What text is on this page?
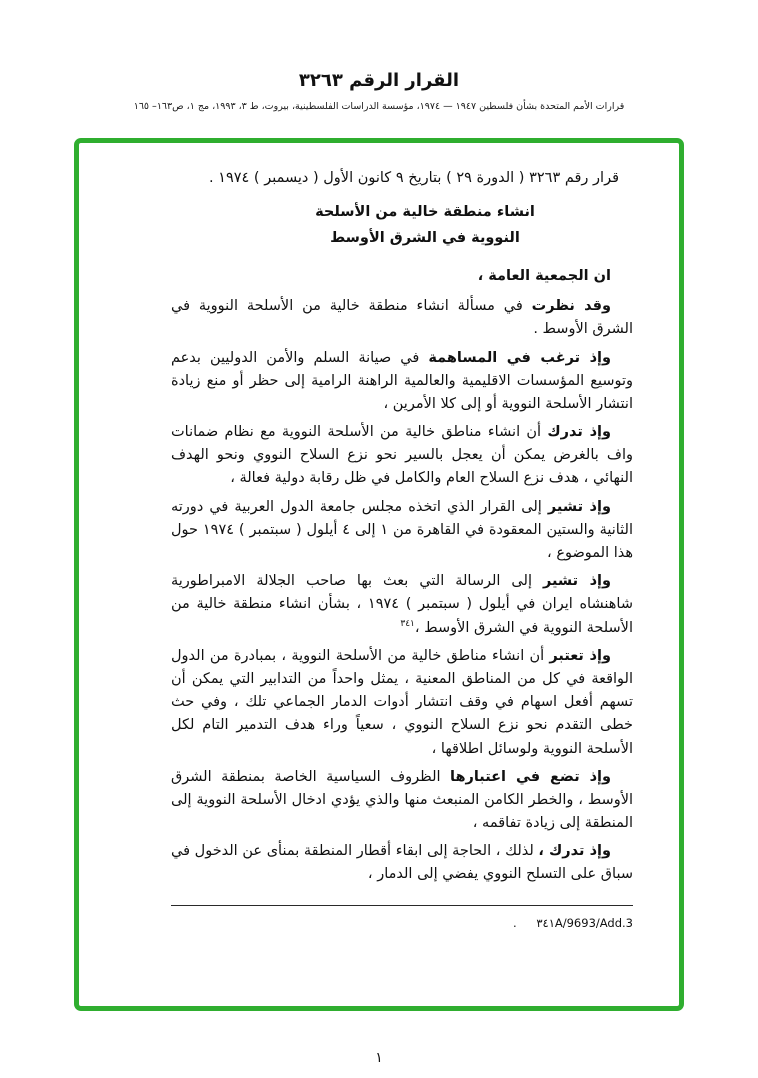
القرار الرقم ٣٢٦٣
قرارات الأمم المتحدة بشأن فلسطين ١٩٤٧ — ١٩٧٤، مؤسسة الدراسات الفلسطينية، بيروت، ط ٣، ١٩٩٣، مج ١، ص١٦٣– ١٦٥

قرار رقم ٣٢٦٣ ( الدورة ٢٩ ) بتاريخ ٩ كانون الأول ( ديسمبر ) ١٩٧٤ .

انشاء منطقة خالية من الأسلحة
النووية في الشرق الأوسط

ان الجمعية العامة ،

وقد نظرت في مسألة انشاء منطقة خالية من الأسلحة النووية في الشرق الأوسط .

وإذ ترغب في المساهمة في صيانة السلم والأمن الدوليين بدعم وتوسيع المؤسسات الاقليمية والعالمية الراهنة الرامية إلى حظر أو منع زيادة انتشار الأسلحة النووية أو إلى كلا الأمرين ،

وإذ تدرك أن انشاء مناطق خالية من الأسلحة النووية مع نظام ضمانات واف بالغرض يمكن أن يعجل بالسير نحو نزع السلاح النووي ونحو الهدف النهائي ، هدف نزع السلاح العام والكامل في ظل رقابة دولية فعالة ،

وإذ تشير إلى القرار الذي اتخذه مجلس جامعة الدول العربية في دورته الثانية والستين المعقودة في القاهرة من ١ إلى ٤ أيلول ( سبتمبر ) ١٩٧٤ حول هذا الموضوع ،

وإذ تشير إلى الرسالة التي بعث بها صاحب الجلالة الامبراطورية شاهنشاه ايران في أيلول ( سبتمبر ) ١٩٧٤ ، بشأن انشاء منطقة خالية من الأسلحة النووية في الشرق الأوسط ،$^{٣٤١}$

وإذ تعتبر أن انشاء مناطق خالية من الأسلحة النووية ، بمبادرة من الدول الواقعة في كل من المناطق المعنية ، يمثل واحداً من التدابير التي يمكن أن تسهم أفعل اسهام في وقف انتشار أدوات الدمار الجماعي تلك ، وفي حث خطى التقدم نحو نزع السلاح النووي ، سعياً وراء هدف التدمير التام لكل الأسلحة النووية ولوسائل اطلاقها ،

وإذ تضع في اعتبارها الظروف السياسية الخاصة بمنطقة الشرق الأوسط ، والخطر الكامن المنبعث منها والذي يؤدي ادخال الأسلحة النووية إلى المنطقة إلى زيادة تفاقمه ،

وإذ تدرك ، لذلك ، الحاجة إلى ابقاء أقطار المنطقة بمنأى عن الدخول في سباق على التسلح النووي يفضي إلى الدمار ،

٣٤١A/9693/Add.3 .
١
